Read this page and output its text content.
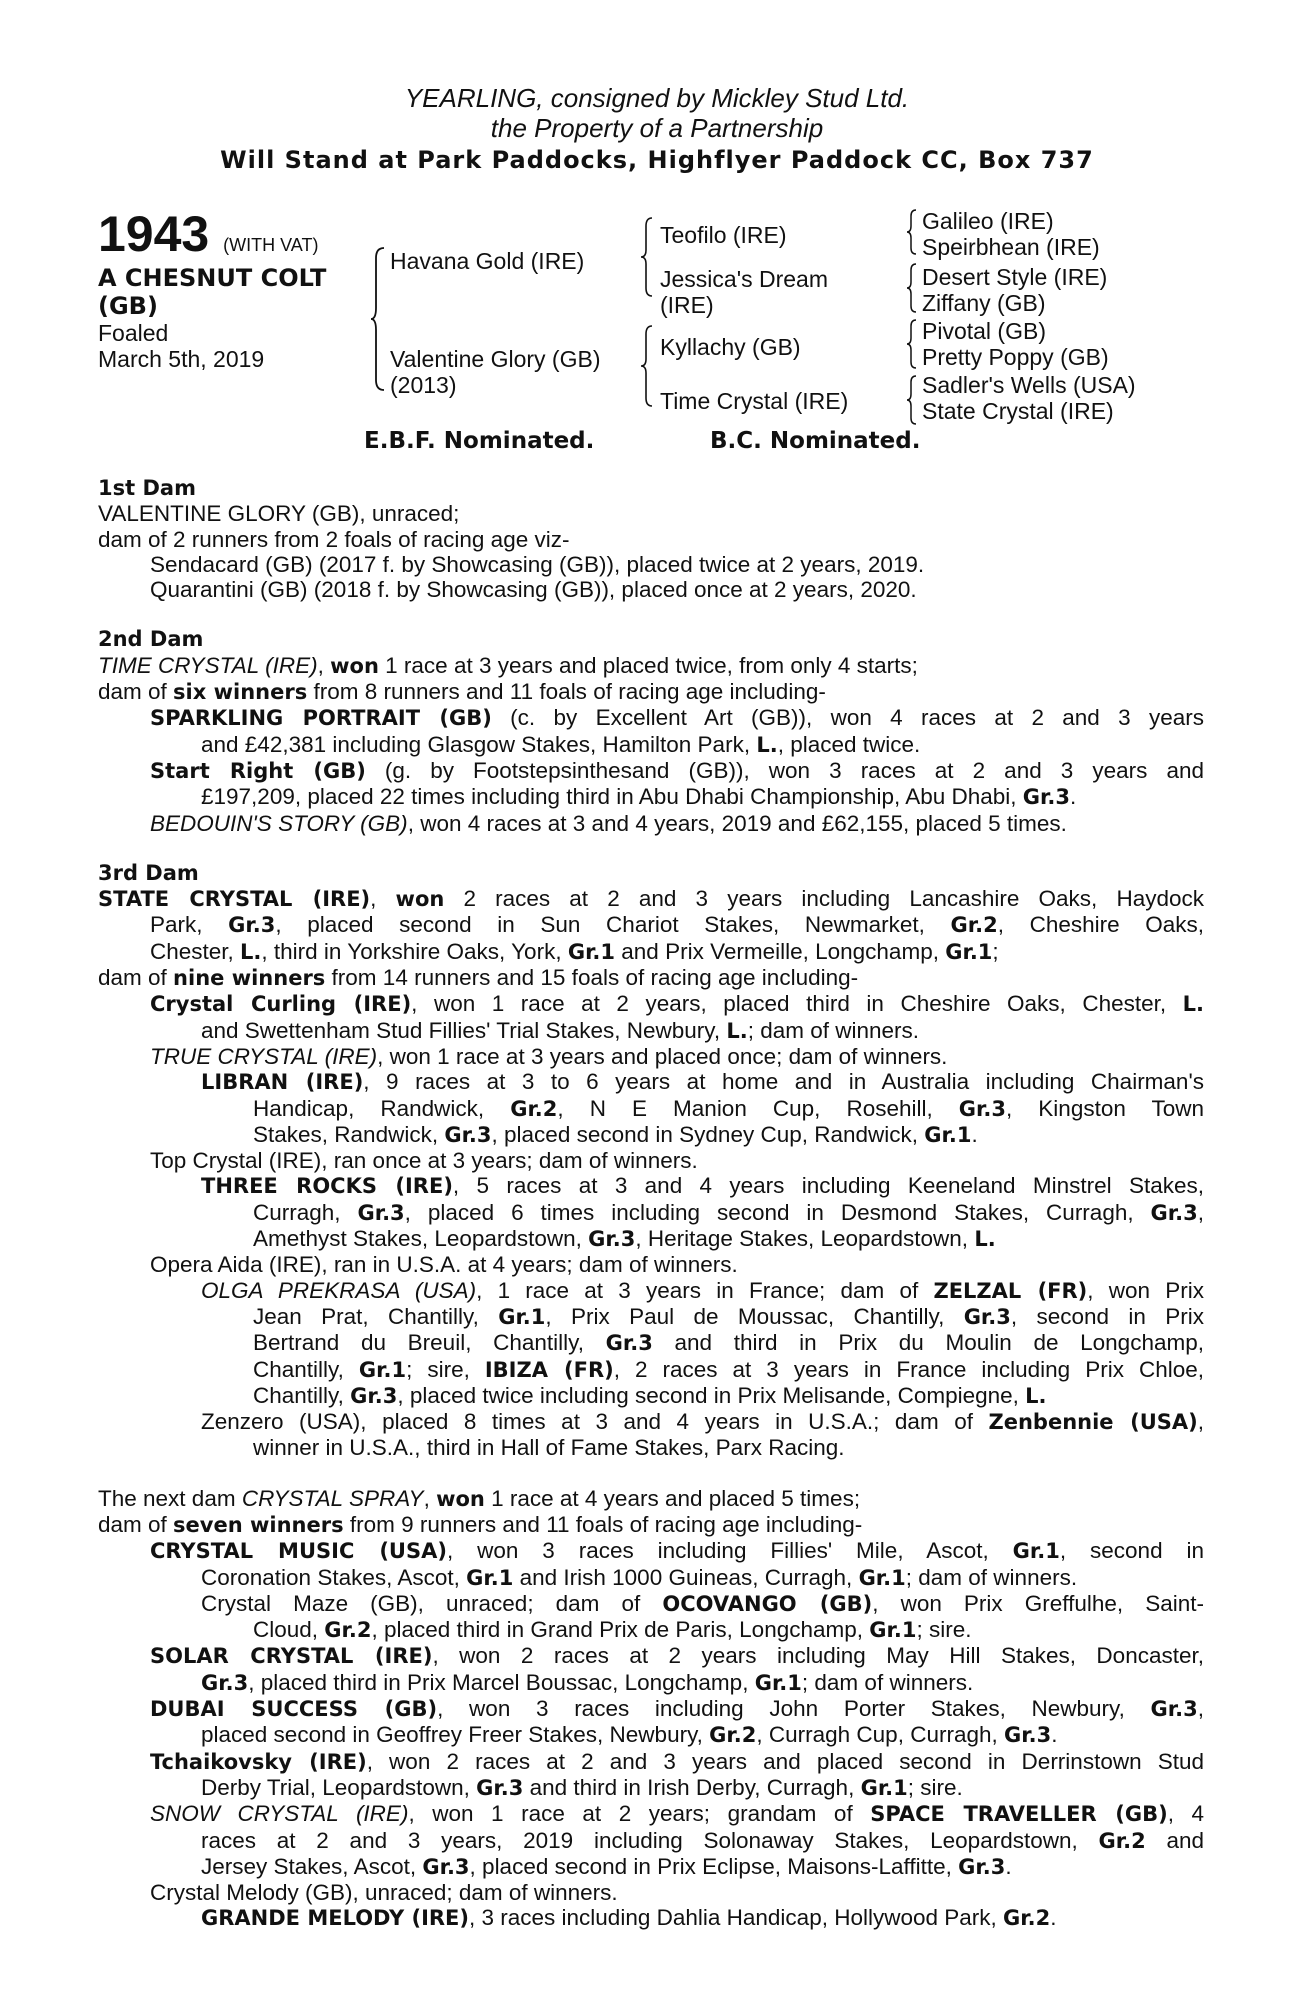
YEARLING, consigned by Mickley Stud Ltd.
the Property of a Partnership
Will Stand at Park Paddocks, Highflyer Paddock CC, Box 737
1943 (WITH VAT)
A CHESNUT COLT
(GB)
Foaled
March 5th, 2019
Havana Gold (IRE)
Valentine Glory (GB)
(2013)
Teofilo (IRE)
Jessica's Dream
(IRE)
Kyllachy (GB)
Time Crystal (IRE)
Galileo (IRE)
Speirbhean (IRE)
Desert Style (IRE)
Ziffany (GB)
Pivotal (GB)
Pretty Poppy (GB)
Sadler's Wells (USA)
State Crystal (IRE)
E.B.F. Nominated.	B.C. Nominated.
1st Dam
VALENTINE GLORY (GB), unraced;
dam of 2 runners from 2 foals of racing age viz-
Sendacard (GB) (2017 f. by Showcasing (GB)), placed twice at 2 years, 2019.
Quarantini (GB) (2018 f. by Showcasing (GB)), placed once at 2 years, 2020.
2nd Dam
TIME CRYSTAL (IRE), won 1 race at 3 years and placed twice, from only 4 starts;
dam of six winners from 8 runners and 11 foals of racing age including-
SPARKLING PORTRAIT (GB) (c. by Excellent Art (GB)), won 4 races at 2 and 3 years
and £42,381 including Glasgow Stakes, Hamilton Park, L., placed twice.
Start Right (GB) (g. by Footstepsinthesand (GB)), won 3 races at 2 and 3 years and
£197,209, placed 22 times including third in Abu Dhabi Championship, Abu Dhabi, Gr.3.
BEDOUIN'S STORY (GB), won 4 races at 3 and 4 years, 2019 and £62,155, placed 5 times.
3rd Dam
STATE CRYSTAL (IRE), won 2 races at 2 and 3 years including Lancashire Oaks, Haydock
Park, Gr.3, placed second in Sun Chariot Stakes, Newmarket, Gr.2, Cheshire Oaks,
Chester, L., third in Yorkshire Oaks, York, Gr.1 and Prix Vermeille, Longchamp, Gr.1;
dam of nine winners from 14 runners and 15 foals of racing age including-
Crystal Curling (IRE), won 1 race at 2 years, placed third in Cheshire Oaks, Chester, L.
and Swettenham Stud Fillies' Trial Stakes, Newbury, L.; dam of winners.
TRUE CRYSTAL (IRE), won 1 race at 3 years and placed once; dam of winners.
LIBRAN (IRE), 9 races at 3 to 6 years at home and in Australia including Chairman's
Handicap, Randwick, Gr.2, N E Manion Cup, Rosehill, Gr.3, Kingston Town
Stakes, Randwick, Gr.3, placed second in Sydney Cup, Randwick, Gr.1.
Top Crystal (IRE), ran once at 3 years; dam of winners.
THREE ROCKS (IRE), 5 races at 3 and 4 years including Keeneland Minstrel Stakes,
Curragh, Gr.3, placed 6 times including second in Desmond Stakes, Curragh, Gr.3,
Amethyst Stakes, Leopardstown, Gr.3, Heritage Stakes, Leopardstown, L.
Opera Aida (IRE), ran in U.S.A. at 4 years; dam of winners.
OLGA PREKRASA (USA), 1 race at 3 years in France; dam of ZELZAL (FR), won Prix
Jean Prat, Chantilly, Gr.1, Prix Paul de Moussac, Chantilly, Gr.3, second in Prix
Bertrand du Breuil, Chantilly, Gr.3 and third in Prix du Moulin de Longchamp,
Chantilly, Gr.1; sire, IBIZA (FR), 2 races at 3 years in France including Prix Chloe,
Chantilly, Gr.3, placed twice including second in Prix Melisande, Compiegne, L.
Zenzero (USA), placed 8 times at 3 and 4 years in U.S.A.; dam of Zenbennie (USA),
winner in U.S.A., third in Hall of Fame Stakes, Parx Racing.
The next dam CRYSTAL SPRAY, won 1 race at 4 years and placed 5 times;
dam of seven winners from 9 runners and 11 foals of racing age including-
CRYSTAL MUSIC (USA), won 3 races including Fillies' Mile, Ascot, Gr.1, second in
Coronation Stakes, Ascot, Gr.1 and Irish 1000 Guineas, Curragh, Gr.1; dam of winners.
Crystal Maze (GB), unraced; dam of OCOVANGO (GB), won Prix Greffulhe, Saint-
Cloud, Gr.2, placed third in Grand Prix de Paris, Longchamp, Gr.1; sire.
SOLAR CRYSTAL (IRE), won 2 races at 2 years including May Hill Stakes, Doncaster,
Gr.3, placed third in Prix Marcel Boussac, Longchamp, Gr.1; dam of winners.
DUBAI SUCCESS (GB), won 3 races including John Porter Stakes, Newbury, Gr.3,
placed second in Geoffrey Freer Stakes, Newbury, Gr.2, Curragh Cup, Curragh, Gr.3.
Tchaikovsky (IRE), won 2 races at 2 and 3 years and placed second in Derrinstown Stud
Derby Trial, Leopardstown, Gr.3 and third in Irish Derby, Curragh, Gr.1; sire.
SNOW CRYSTAL (IRE), won 1 race at 2 years; grandam of SPACE TRAVELLER (GB), 4
races at 2 and 3 years, 2019 including Solonaway Stakes, Leopardstown, Gr.2 and
Jersey Stakes, Ascot, Gr.3, placed second in Prix Eclipse, Maisons-Laffitte, Gr.3.
Crystal Melody (GB), unraced; dam of winners.
GRANDE MELODY (IRE), 3 races including Dahlia Handicap, Hollywood Park, Gr.2.
